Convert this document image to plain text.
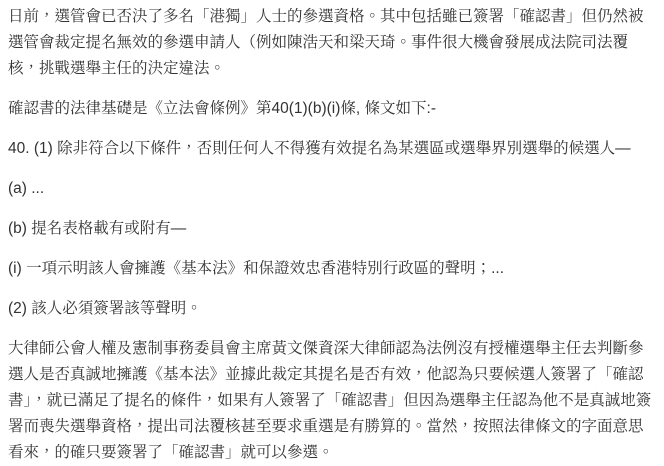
日前，選管會已否決了多名「港獨」人士的參選資格。其中包括雖已簽署「確認書」但仍然被選管會裁定提名無效的參選申請人（例如陳浩天和梁天琦。事件很大機會發展成法院司法覆核，挑戰選舉主任的決定違法。

確認書的法律基礎是《立法會條例》第40(1)(b)(i)條, 條文如下:-

40. (1) 除非符合以下條件，否則任何人不得獲有效提名為某選區或選舉界別選舉的候選人—

(a) ...

(b) 提名表格載有或附有—

(i) 一項示明該人會擁護《基本法》和保證效忠香港特別行政區的聲明；...

(2) 該人必須簽署該等聲明。

大律師公會人權及憲制事務委員會主席黃文傑資深大律師認為法例沒有授權選舉主任去判斷參選人是否真誠地擁護《基本法》並據此裁定其提名是否有效，他認為只要候選人簽署了「確認書」，就已滿足了提名的條件，如果有人簽署了「確認書」但因為選舉主任認為他不是真誠地簽署而喪失選舉資格，提出司法覆核甚至要求重選是有勝算的。當然，按照法律條文的字面意思看來，的確只要簽署了「確認書」就可以參選。
